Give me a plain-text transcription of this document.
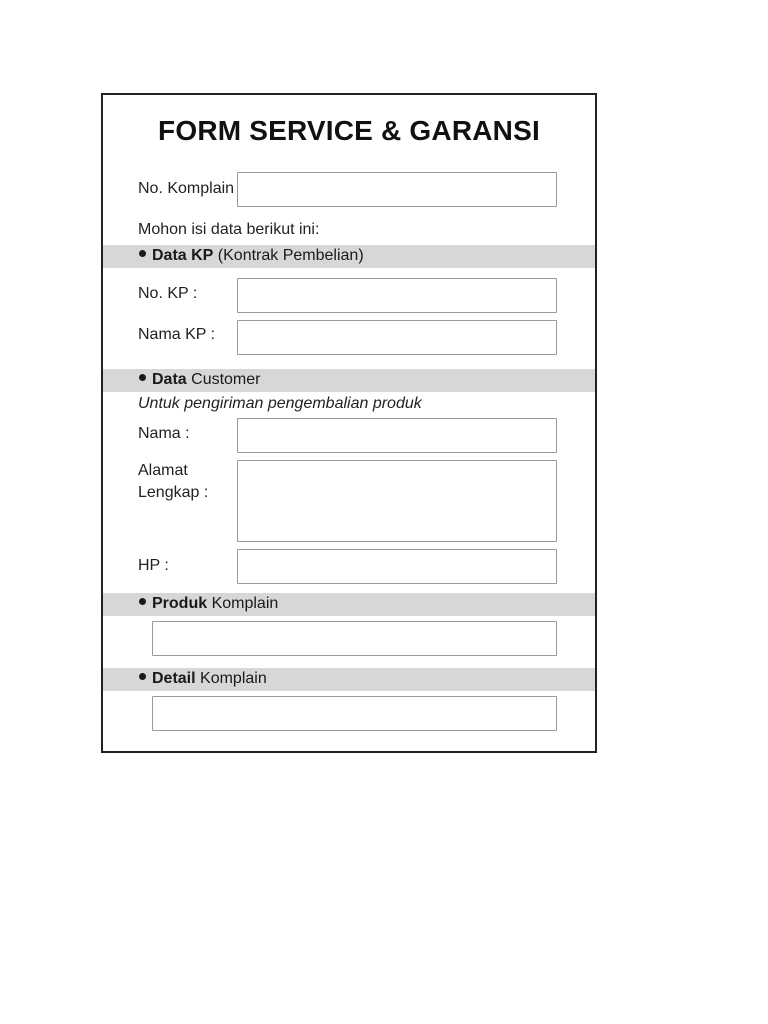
FORM SERVICE & GARANSI
No. Komplain
Mohon isi data berikut ini:
Data KP (Kontrak Pembelian)
No. KP :
Nama KP :
Data Customer
Untuk pengiriman pengembalian produk
Nama :
Alamat
Lengkap :
HP :
Produk Komplain
Detail Komplain
